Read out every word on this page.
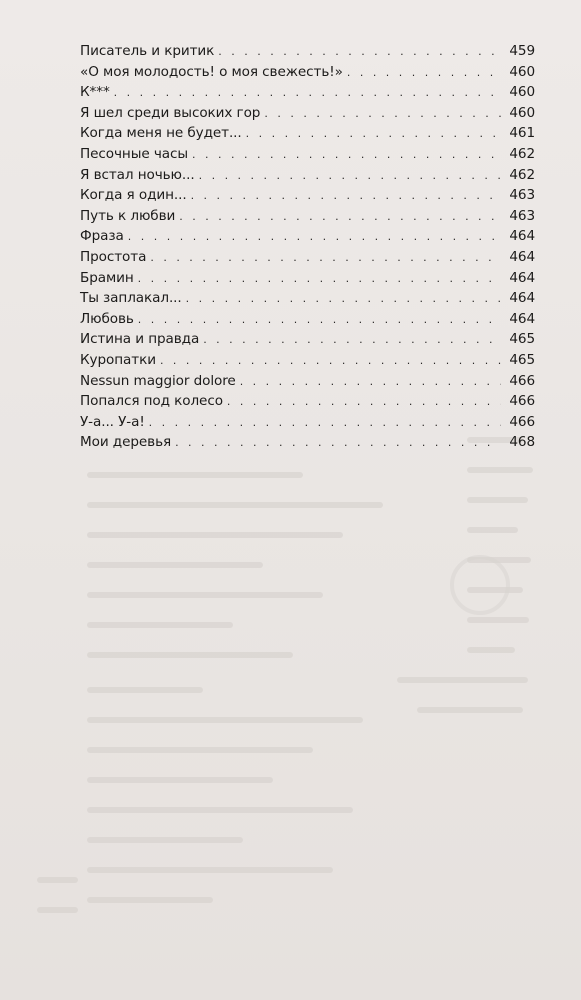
Писатель и критик . . .	459
«О моя молодость! о моя свежесть!» . . .	460
К*** . . .	460
Я шел среди высоких гор . . .	460
Когда меня не будет... . . .	461
Песочные часы . . .	462
Я встал ночью... . . .	462
Когда я один... . . .	463
Путь к любви . . .	463
Фраза . . .	464
Простота . . .	464
Брамин . . .	464
Ты заплакал... . . .	464
Любовь . . .	464
Истина и правда . . .	465
Куропатки . . .	465
Nessun maggior dolore . . .	466
Попался под колесо . . .	466
У-а... У-а! . . .	466
Мои деревья . . .	468
